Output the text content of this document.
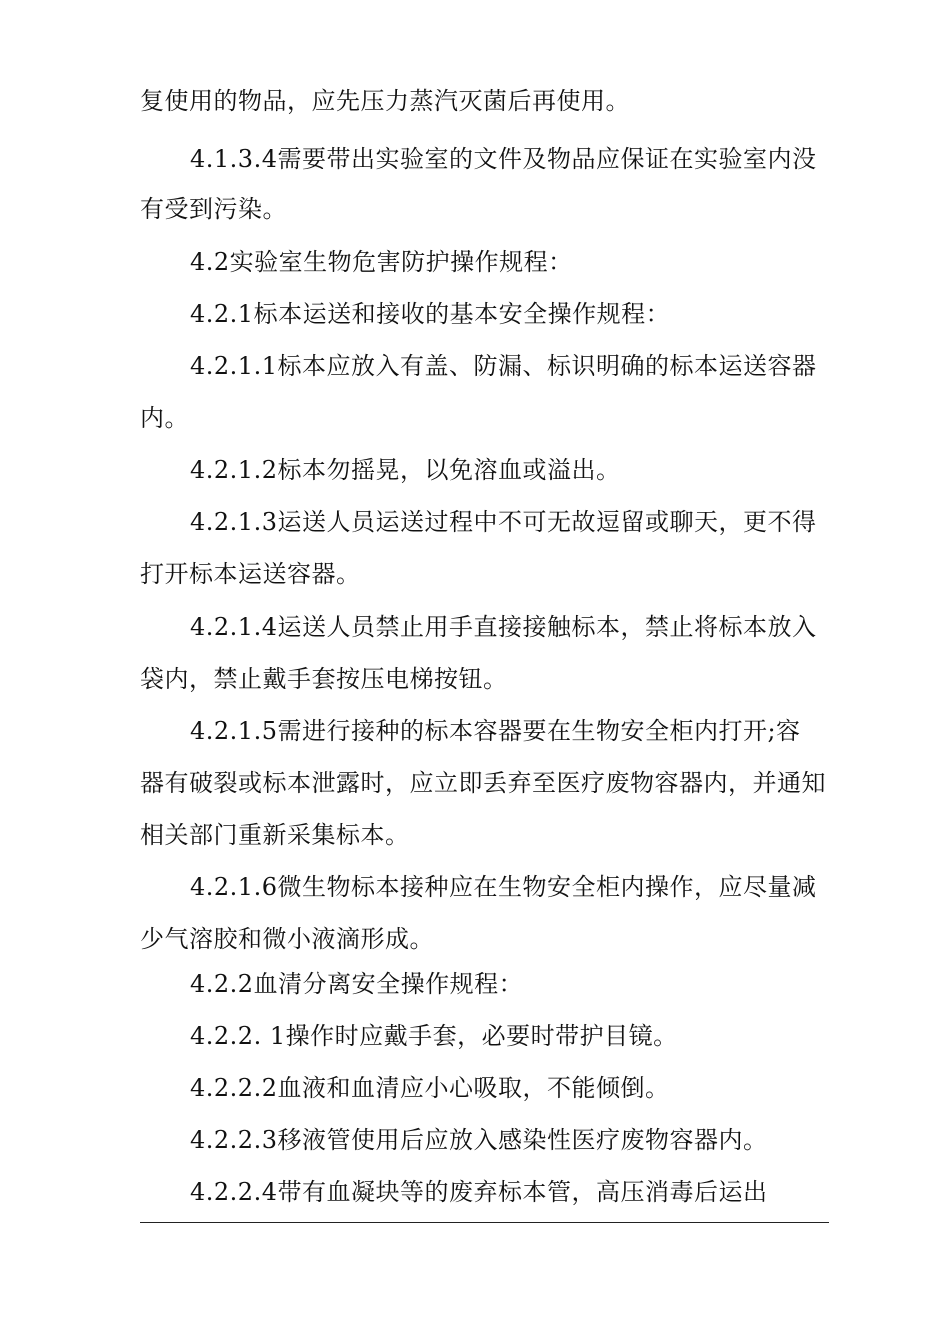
复使用的物品，应先压力蒸汽灭菌后再使用。
4.1.3.4需要带出实验室的文件及物品应保证在实验室内没
有受到污染。
4.2实验室生物危害防护操作规程：
4.2.1标本运送和接收的基本安全操作规程：
4.2.1.1标本应放入有盖、防漏、标识明确的标本运送容器
内。
4.2.1.2标本勿摇晃，以免溶血或溢出。
4.2.1.3运送人员运送过程中不可无故逗留或聊天，更不得
打开标本运送容器。
4.2.1.4运送人员禁止用手直接接触标本，禁止将标本放入
袋内，禁止戴手套按压电梯按钮。
4.2.1.5需进行接种的标本容器要在生物安全柜内打开;容
器有破裂或标本泄露时，应立即丢弃至医疗废物容器内，并通知
相关部门重新采集标本。
4.2.1.6微生物标本接种应在生物安全柜内操作，应尽量减
少气溶胶和微小液滴形成。
4.2.2血清分离安全操作规程：
4.2.2. 1操作时应戴手套，必要时带护目镜。
4.2.2.2血液和血清应小心吸取，不能倾倒。
4.2.2.3移液管使用后应放入感染性医疗废物容器内。
4.2.2.4带有血凝块等的废弃标本管，高压消毒后运出
